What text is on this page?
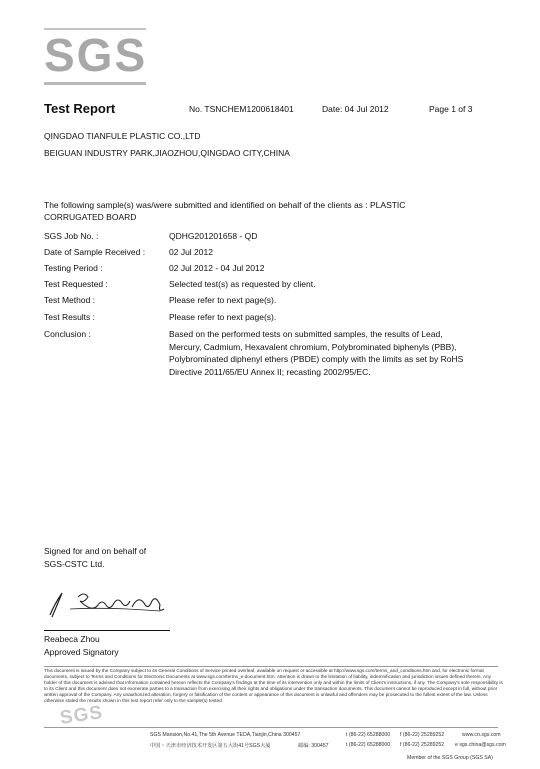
SGS
Test Report	No. TSNCHEM1200618401	Date: 04 Jul 2012	Page 1 of 3
QINGDAO TIANFULE PLASTIC CO.,LTD
BEIGUAN INDUSTRY PARK,JIAOZHOU,QINGDAO CITY,CHINA
The following sample(s) was/were submitted and identified on behalf of the clients as : PLASTIC CORRUGATED BOARD
SGS Job No. :	QDHG201201658 - QD
Date of Sample Received :	02 Jul 2012
Testing Period :	02 Jul 2012 - 04 Jul 2012
Test Requested :	Selected test(s) as requested by client.
Test Method :	Please refer to next page(s).
Test Results :	Please refer to next page(s).
Conclusion :	Based on the performed tests on submitted samples, the results of Lead, Mercury, Cadmium, Hexavalent chromium, Polybrominated biphenyls (PBB), Polybrominated diphenyl ethers (PBDE) comply with the limits as set by RoHS Directive 2011/65/EU Annex II; recasting 2002/95/EC.
Signed for and on behalf of
SGS-CSTC Ltd.
Reabeca Zhou
Approved Signatory
This document is issued by the Company subject to its General Conditions of Service printed overleaf, available on request or accessible at http://www.sgs.com/terms_and_conditions.htm and, for electronic format documents, subject to Terms and Conditions for Electronic Documents at www.sgs.com/terms_e-document.htm. Attention is drawn to the limitation of liability, indemnification and jurisdiction issues defined therein. Any holder of this document is advised that information contained hereon reflects the Company's findings at the time of its intervention only and within the limits of Client's instructions, if any. The Company's sole responsibility is to its Client and this document does not exonerate parties to a transaction from exercising all their rights and obligations under the transaction documents. This document cannot be reproduced except in full, without prior written approval of the Company. Any unauthorized alteration, forgery or falsification of the content or appearance of this document is unlawful and offenders may be prosecuted to the fullest extent of the law. Unless otherwise stated the results shown in this test report refer only to the sample(s) tested.
SGS
SGS Mansion,No.41,The 5th Avenue TEDA,Tianjin,China 300457	t (86-22) 65288000 f (86-22) 25289252	www.cn.sgs.com
中国・天津市经济技术开发区第五大街41号SGS大厦	邮编: 300457	t (86-22) 65288000 f (86-22) 25289252 e sgs.china@sgs.com
Member of the SGS Group (SGS SA)
